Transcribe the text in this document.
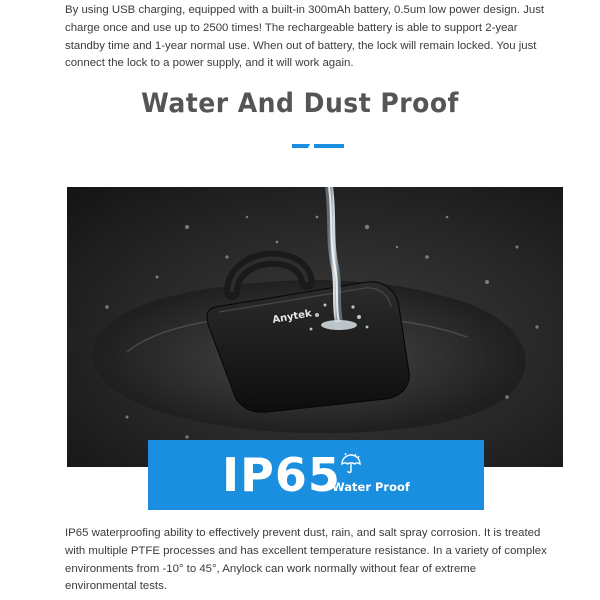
By using USB charging, equipped with a built-in 300mAh battery, 0.5um low power design. Just charge once and use up to 2500 times! The rechargeable battery is able to support 2-year standby time and 1-year normal use. When out of battery, the lock will remain locked. You just connect the lock to a power supply, and it will work again.

Water And Dust Proof
Anytek
IP65
Water Proof

IP65 waterproofing ability to effectively prevent dust, rain, and salt spray corrosion. It is treated with multiple PTFE processes and has excellent temperature resistance. In a variety of complex environments from -10° to 45°, Anylock can work normally without fear of extreme environmental tests.
